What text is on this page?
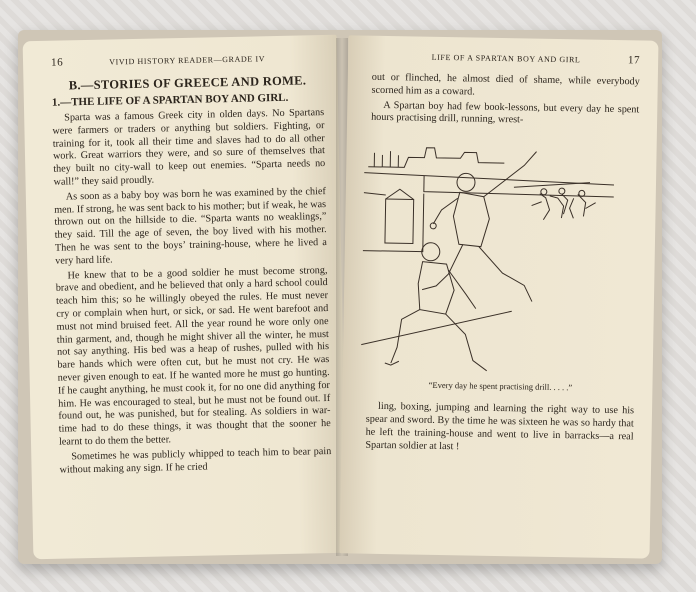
16	VIVID HISTORY READER—GRADE IV
B.—STORIES OF GREECE AND ROME.
1.—THE LIFE OF A SPARTAN BOY AND GIRL.

Sparta was a famous Greek city in olden days. No Spartans were farmers or traders or anything but soldiers. Fighting, or training for it, took all their time and slaves had to do all other work. Great warriors they were, and so sure of themselves that they built no city-wall to keep out enemies. “Sparta needs no wall!” they said proudly.

As soon as a baby boy was born he was examined by the chief men. If strong, he was sent back to his mother; but if weak, he was thrown out on the hillside to die. “Sparta wants no weaklings,” they said. Till the age of seven, the boy lived with his mother. Then he was sent to the boys’ training-house, where he lived a very hard life.

He knew that to be a good soldier he must become strong, brave and obedient, and he believed that only a hard school could teach him this; so he willingly obeyed the rules. He must never cry or complain when hurt, or sick, or sad. He went barefoot and must not mind bruised feet. All the year round he wore only one thin garment, and, though he might shiver all the winter, he must not say anything. His bed was a heap of rushes, pulled with his bare hands which were often cut, but he must not cry. He was never given enough to eat. If he wanted more he must go hunting. If he caught anything, he must cook it, for no one did anything for him. He was encouraged to steal, but he must not be found out. If found out, he was punished, but for stealing. As soldiers in war-time had to do these things, it was thought that the sooner he learnt to do them the better.

Sometimes he was publicly whipped to teach him to bear pain without making any sign. If he cried

LIFE OF A SPARTAN BOY AND GIRL	17

out or flinched, he almost died of shame, while everybody scorned him as a coward.

A Spartan boy had few book-lessons, but every day he spent hours practising drill, running, wrest-

“Every day he spent practising drill. . . . .”

ling, boxing, jumping and learning the right way to use his spear and sword. By the time he was sixteen he was so hardy that he left the training-house and went to live in barracks—a real Spartan soldier at last !
